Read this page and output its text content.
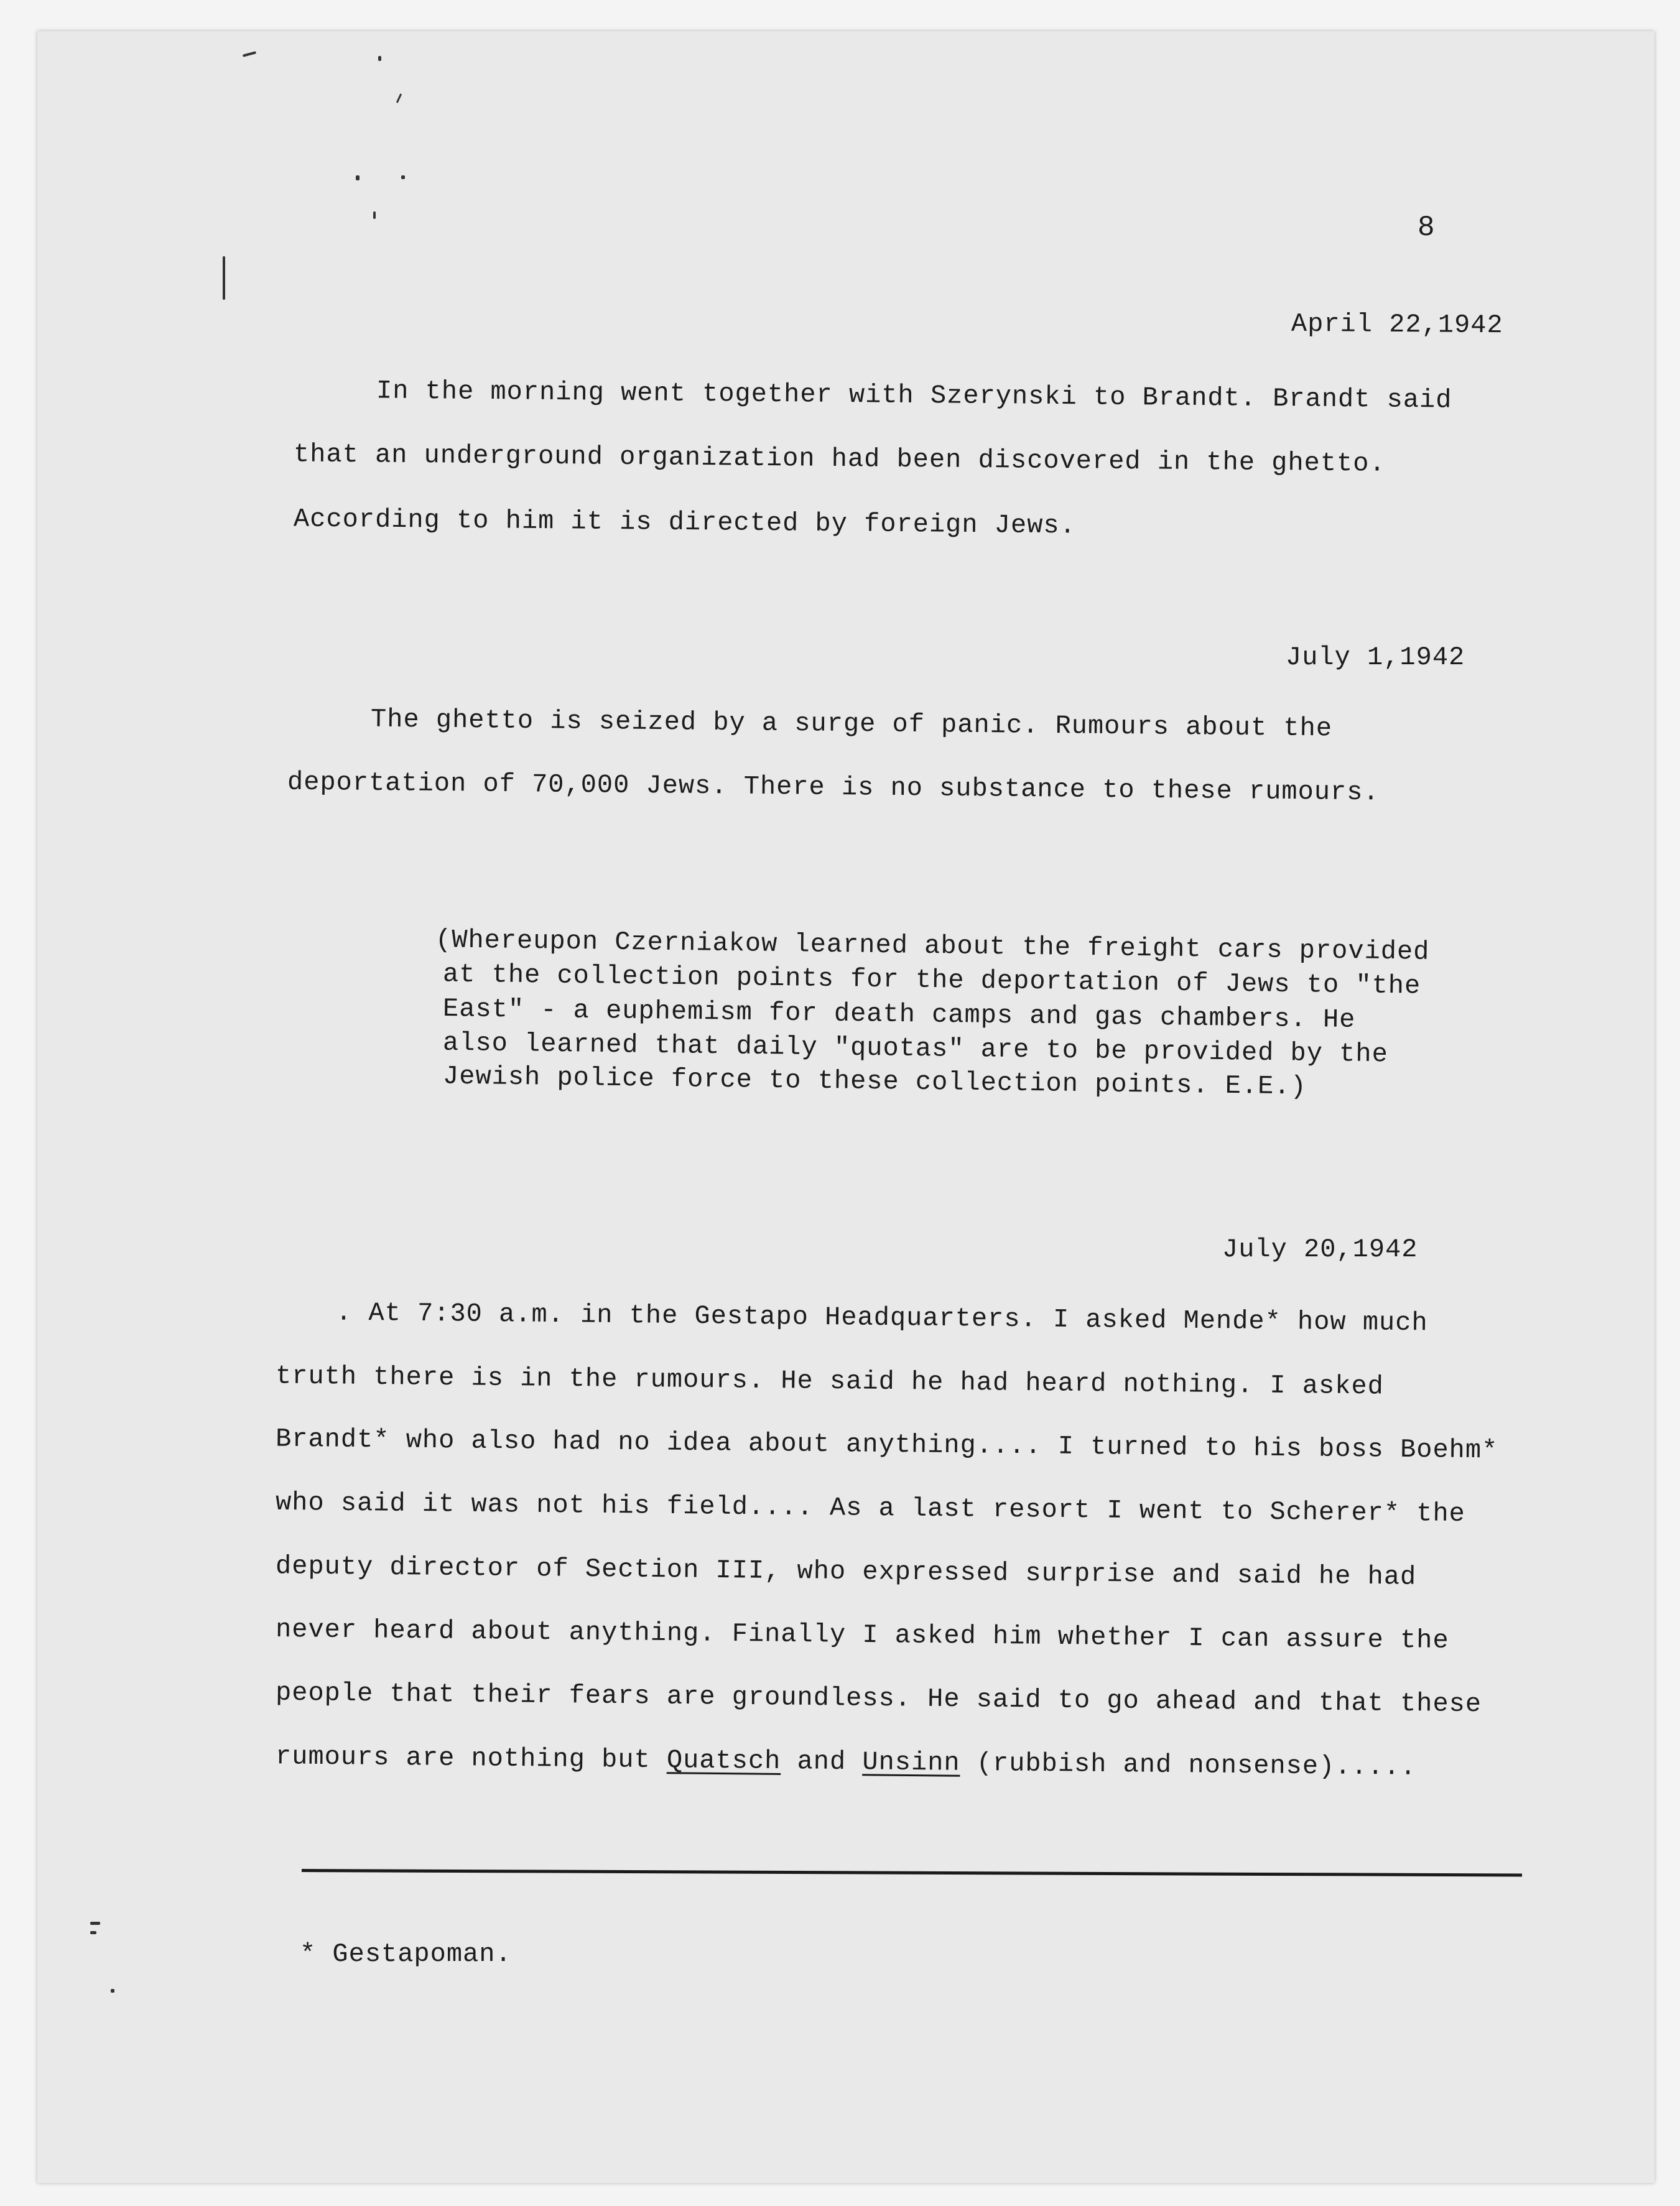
8
April 22,1942
In the morning went together with Szerynski to Brandt. Brandt said
that an underground organization had been discovered in the ghetto.
According to him it is directed by foreign Jews.
July 1,1942
The ghetto is seized by a surge of panic. Rumours about the
deportation of 70,000 Jews. There is no substance to these rumours.
(Whereupon Czerniakow learned about the freight cars provided
at the collection points for the deportation of Jews to "the
East" - a euphemism for death camps and gas chambers. He
also learned that daily "quotas" are to be provided by the
Jewish police force to these collection points. E.E.)
July 20,1942
. At 7:30 a.m. in the Gestapo Headquarters. I asked Mende* how much
truth there is in the rumours. He said he had heard nothing. I asked
Brandt* who also had no idea about anything.... I turned to his boss Boehm*
who said it was not his field.... As a last resort I went to Scherer* the
deputy director of Section III, who expressed surprise and said he had
never heard about anything. Finally I asked him whether I can assure the
people that their fears are groundless. He said to go ahead and that these
rumours are nothing but Quatsch and Unsinn (rubbish and nonsense).....
* Gestapoman.
